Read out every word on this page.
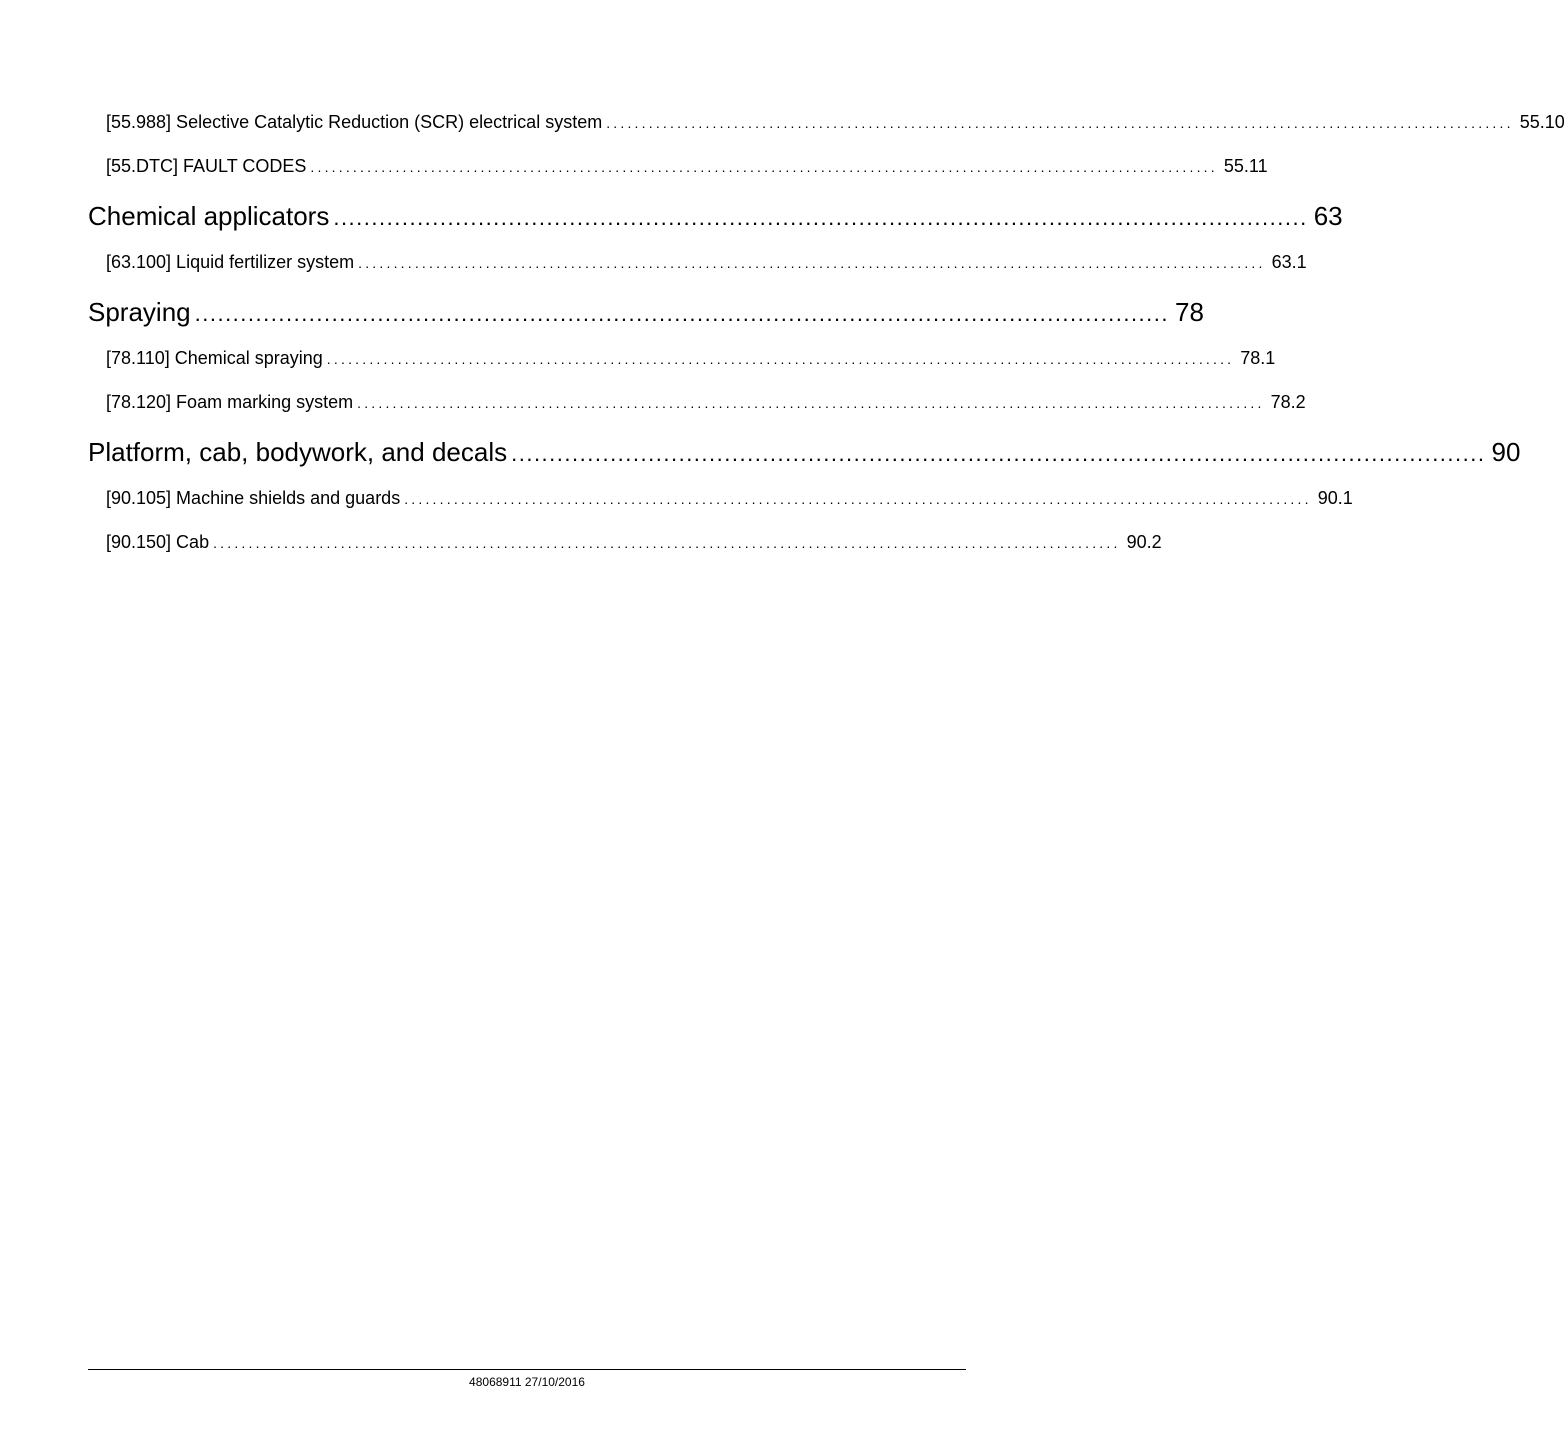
[55.988] Selective Catalytic Reduction (SCR) electrical system ................................................................................................................................ 55.10
[55.DTC] FAULT CODES ................................................................................................................................ 55.11
Chemical applicators ................................................................................................................................ 63
[63.100] Liquid fertilizer system ................................................................................................................................ 63.1
Spraying ................................................................................................................................ 78
[78.110] Chemical spraying ................................................................................................................................ 78.1
[78.120] Foam marking system ................................................................................................................................ 78.2
Platform, cab, bodywork, and decals ................................................................................................................................ 90
[90.105] Machine shields and guards ................................................................................................................................ 90.1
[90.150] Cab ................................................................................................................................ 90.2
48068911 27/10/2016
